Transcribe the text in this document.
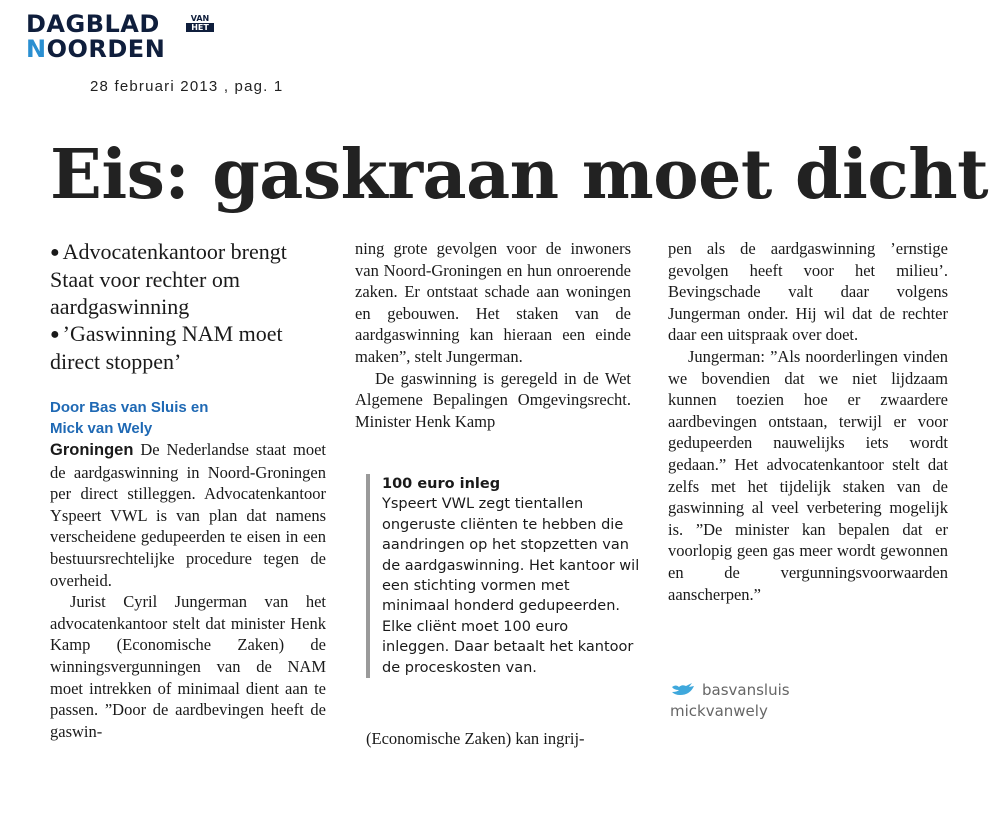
DAGBLAD
NOORDEN
VAN
HET
28 februari 2013 , pag. 1
Eis: gaskraan moet dicht
● Advocatenkantoor brengt Staat voor rechter om aardgaswinning
● ’Gaswinning NAM moet direct stoppen’
Door Bas van Sluis en
Mick van Wely

Groningen De Nederlandse staat moet de aardgaswinning in Noord-Groningen per direct stilleggen. Advocatenkantoor Yspeert VWL is van plan dat namens verscheidene gedupeerden te eisen in een bestuursrechtelijke procedure tegen de overheid.

Jurist Cyril Jungerman van het advocatenkantoor stelt dat minister Henk Kamp (Economische Zaken) de winningsvergunningen van de NAM moet intrekken of minimaal dient aan te passen. ”Door de aardbevingen heeft de gaswin-

ning grote gevolgen voor de inwoners van Noord-Groningen en hun onroerende zaken. Er ontstaat schade aan woningen en gebouwen. Het staken van de aardgaswinning kan hieraan een einde maken”, stelt Jungerman.

De gaswinning is geregeld in de Wet Algemene Bepalingen Omgevingsrecht. Minister Henk Kamp

100 euro inleg

Yspeert VWL zegt tientallen ongeruste cliënten te hebben die aandringen op het stopzetten van de aardgaswinning. Het kantoor wil een stichting vormen met minimaal honderd gedupeerden. Elke cliënt moet 100 euro inleggen. Daar betaalt het kantoor de proceskosten van.

(Economische Zaken) kan ingrij-

pen als de aardgaswinning ’ernstige gevolgen heeft voor het milieu’. Bevingschade valt daar volgens Jungerman onder. Hij wil dat de rechter daar een uitspraak over doet.

Jungerman: ”Als noorderlingen vinden we bovendien dat we niet lijdzaam kunnen toezien hoe er zwaardere aardbevingen ontstaan, terwijl er voor gedupeerden nauwelijks iets wordt gedaan.” Het advocatenkantoor stelt dat zelfs met het tijdelijk staken van de gaswinning al veel verbetering mogelijk is. ”De minister kan bepalen dat er voorlopig geen gas meer wordt gewonnen en de vergunningsvoorwaarden aanscherpen.”

basvansluis
mickvanwely
